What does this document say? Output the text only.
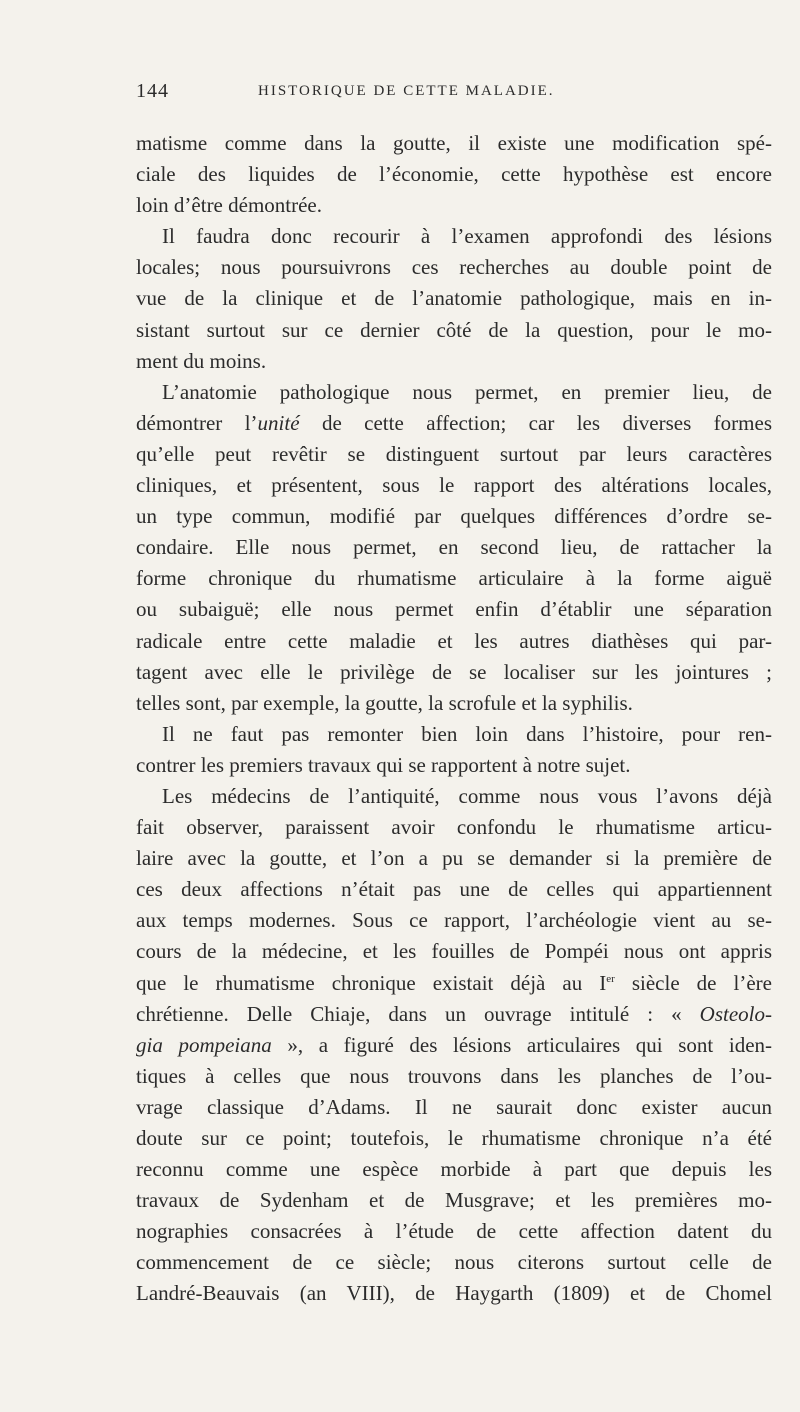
144	HISTORIQUE DE CETTE MALADIE.
matisme comme dans la goutte, il existe une modification spé-
ciale des liquides de l’économie, cette hypothèse est encore
loin d’être démontrée.
Il faudra donc recourir à l’examen approfondi des lésions
locales; nous poursuivrons ces recherches au double point de
vue de la clinique et de l’anatomie pathologique, mais en in-
sistant surtout sur ce dernier côté de la question, pour le mo-
ment du moins.
L’anatomie pathologique nous permet, en premier lieu, de
démontrer l’unité de cette affection; car les diverses formes
qu’elle peut revêtir se distinguent surtout par leurs caractères
cliniques, et présentent, sous le rapport des altérations locales,
un type commun, modifié par quelques différences d’ordre se-
condaire. Elle nous permet, en second lieu, de rattacher la
forme chronique du rhumatisme articulaire à la forme aiguë
ou subaiguë; elle nous permet enfin d’établir une séparation
radicale entre cette maladie et les autres diathèses qui par-
tagent avec elle le privilège de se localiser sur les jointures ;
telles sont, par exemple, la goutte, la scrofule et la syphilis.
Il ne faut pas remonter bien loin dans l’histoire, pour ren-
contrer les premiers travaux qui se rapportent à notre sujet.
Les médecins de l’antiquité, comme nous vous l’avons déjà
fait observer, paraissent avoir confondu le rhumatisme articu-
laire avec la goutte, et l’on a pu se demander si la première de
ces deux affections n’était pas une de celles qui appartiennent
aux temps modernes. Sous ce rapport, l’archéologie vient au se-
cours de la médecine, et les fouilles de Pompéi nous ont appris
que le rhumatisme chronique existait déjà au Ier siècle de l’ère
chrétienne. Delle Chiaje, dans un ouvrage intitulé : « Osteolo-
gia pompeiana », a figuré des lésions articulaires qui sont iden-
tiques à celles que nous trouvons dans les planches de l’ou-
vrage classique d’Adams. Il ne saurait donc exister aucun
doute sur ce point; toutefois, le rhumatisme chronique n’a été
reconnu comme une espèce morbide à part que depuis les
travaux de Sydenham et de Musgrave; et les premières mo-
nographies consacrées à l’étude de cette affection datent du
commencement de ce siècle; nous citerons surtout celle de
Landré-Beauvais (an VIII), de Haygarth (1809) et de Chomel
